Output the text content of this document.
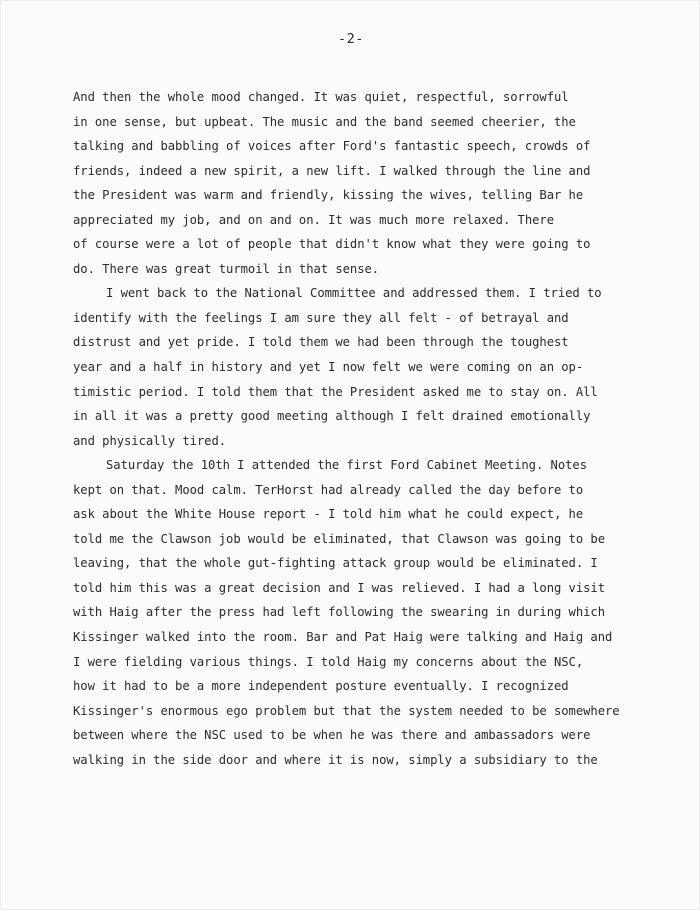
-2-
And then the whole mood changed. It was quiet, respectful, sorrowful
in one sense, but upbeat. The music and the band seemed cheerier, the
talking and babbling of voices after Ford's fantastic speech, crowds of
friends, indeed a new spirit, a new lift. I walked through the line and
the President was warm and friendly, kissing the wives, telling Bar he
appreciated my job, and on and on. It was much more relaxed. There
of course were a lot of people that didn't know what they were going to
do. There was great turmoil in that sense.
I went back to the National Committee and addressed them. I tried to
identify with the feelings I am sure they all felt - of betrayal and
distrust and yet pride. I told them we had been through the toughest
year and a half in history and yet I now felt we were coming on an op-
timistic period. I told them that the President asked me to stay on. All
in all it was a pretty good meeting although I felt drained emotionally
and physically tired.
Saturday the 10th I attended the first Ford Cabinet Meeting. Notes
kept on that. Mood calm. TerHorst had already called the day before to
ask about the White House report - I told him what he could expect, he
told me the Clawson job would be eliminated, that Clawson was going to be
leaving, that the whole gut-fighting attack group would be eliminated. I
told him this was a great decision and I was relieved. I had a long visit
with Haig after the press had left following the swearing in during which
Kissinger walked into the room. Bar and Pat Haig were talking and Haig and
I were fielding various things. I told Haig my concerns about the NSC,
how it had to be a more independent posture eventually. I recognized
Kissinger's enormous ego problem but that the system needed to be somewhere
between where the NSC used to be when he was there and ambassadors were
walking in the side door and where it is now, simply a subsidiary to the
